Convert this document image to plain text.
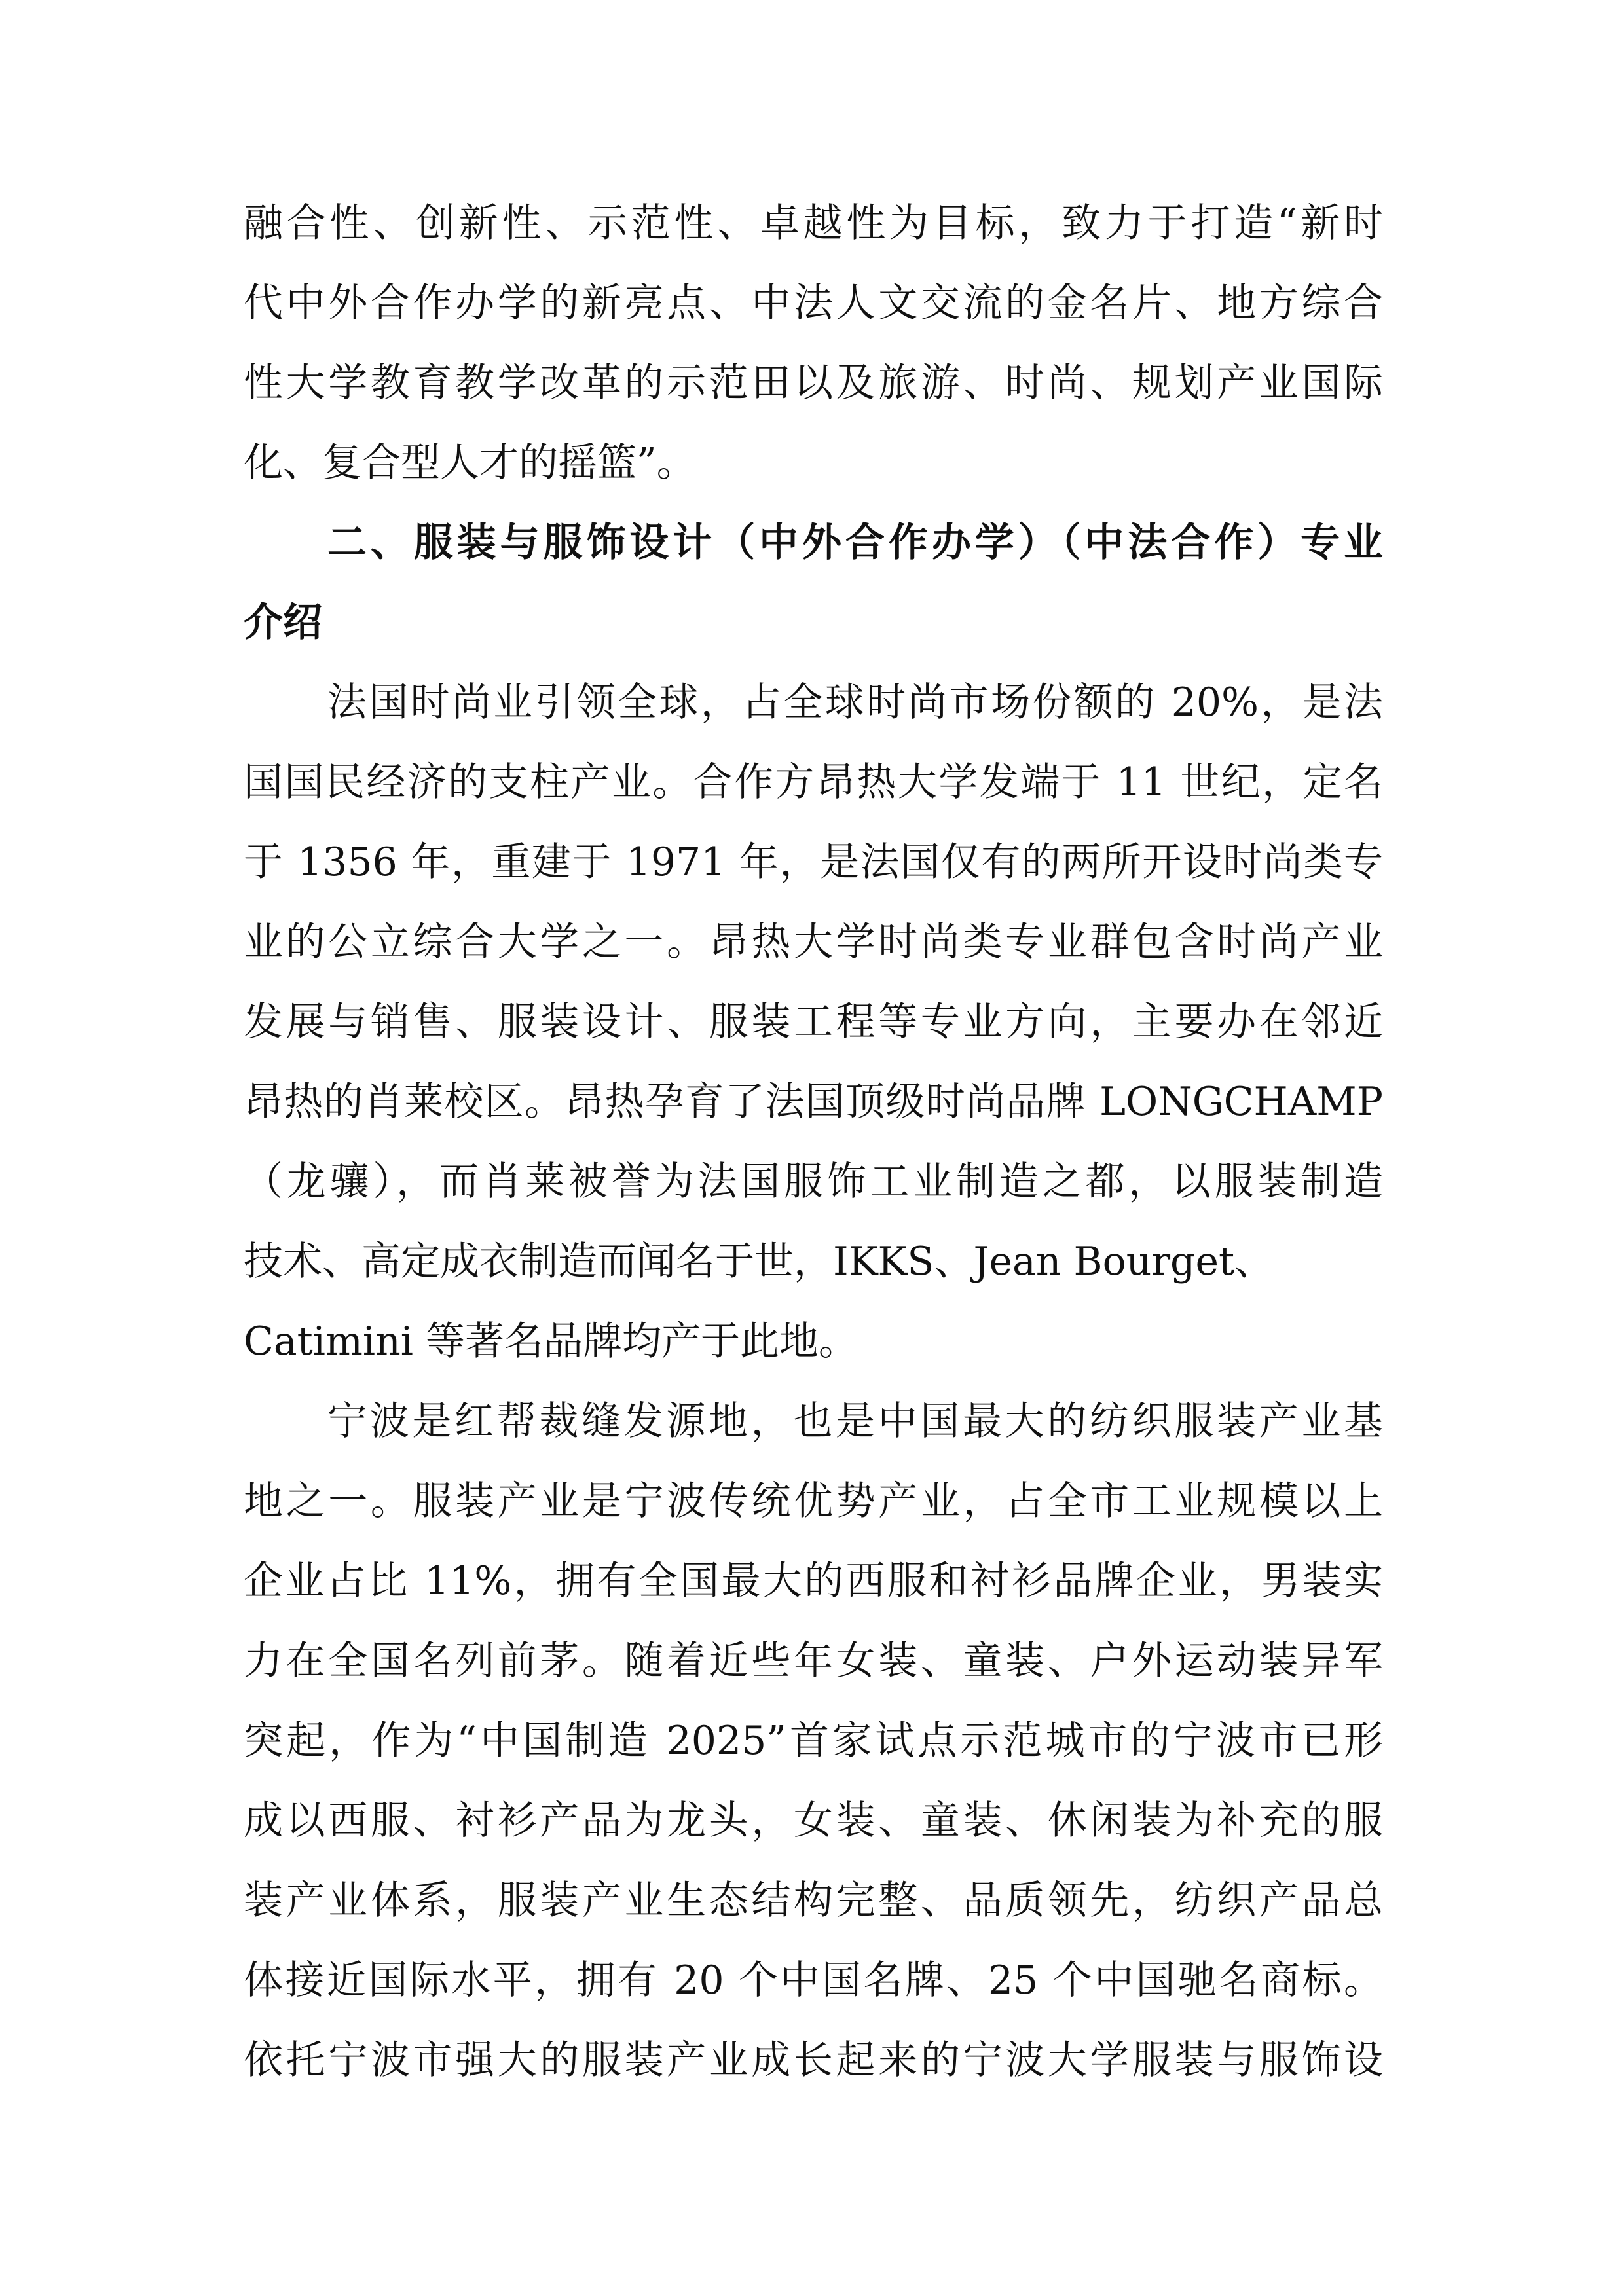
融合性、创新性、示范性、卓越性为目标，致力于打造“新时
代中外合作办学的新亮点、中法人文交流的金名片、地方综合
性大学教育教学改革的示范田以及旅游、时尚、规划产业国际
化、复合型人才的摇篮”。
二、服装与服饰设计（中外合作办学）（中法合作）专业
介绍
法国时尚业引领全球，占全球时尚市场份额的 20%，是法
国国民经济的支柱产业。合作方昂热大学发端于 11 世纪，定名
于 1356 年，重建于 1971 年，是法国仅有的两所开设时尚类专
业的公立综合大学之一。昂热大学时尚类专业群包含时尚产业
发展与销售、服装设计、服装工程等专业方向，主要办在邻近
昂热的肖莱校区。昂热孕育了法国顶级时尚品牌 LONGCHAMP
（龙骧），而肖莱被誉为法国服饰工业制造之都，以服装制造
技术、高定成衣制造而闻名于世，IKKS、Jean Bourget、
Catimini 等著名品牌均产于此地。
宁波是红帮裁缝发源地，也是中国最大的纺织服装产业基
地之一。服装产业是宁波传统优势产业，占全市工业规模以上
企业占比 11%，拥有全国最大的西服和衬衫品牌企业，男装实
力在全国名列前茅。随着近些年女装、童装、户外运动装异军
突起，作为“中国制造 2025”首家试点示范城市的宁波市已形
成以西服、衬衫产品为龙头，女装、童装、休闲装为补充的服
装产业体系，服装产业生态结构完整、品质领先，纺织产品总
体接近国际水平，拥有 20 个中国名牌、25 个中国驰名商标。
依托宁波市强大的服装产业成长起来的宁波大学服装与服饰设
